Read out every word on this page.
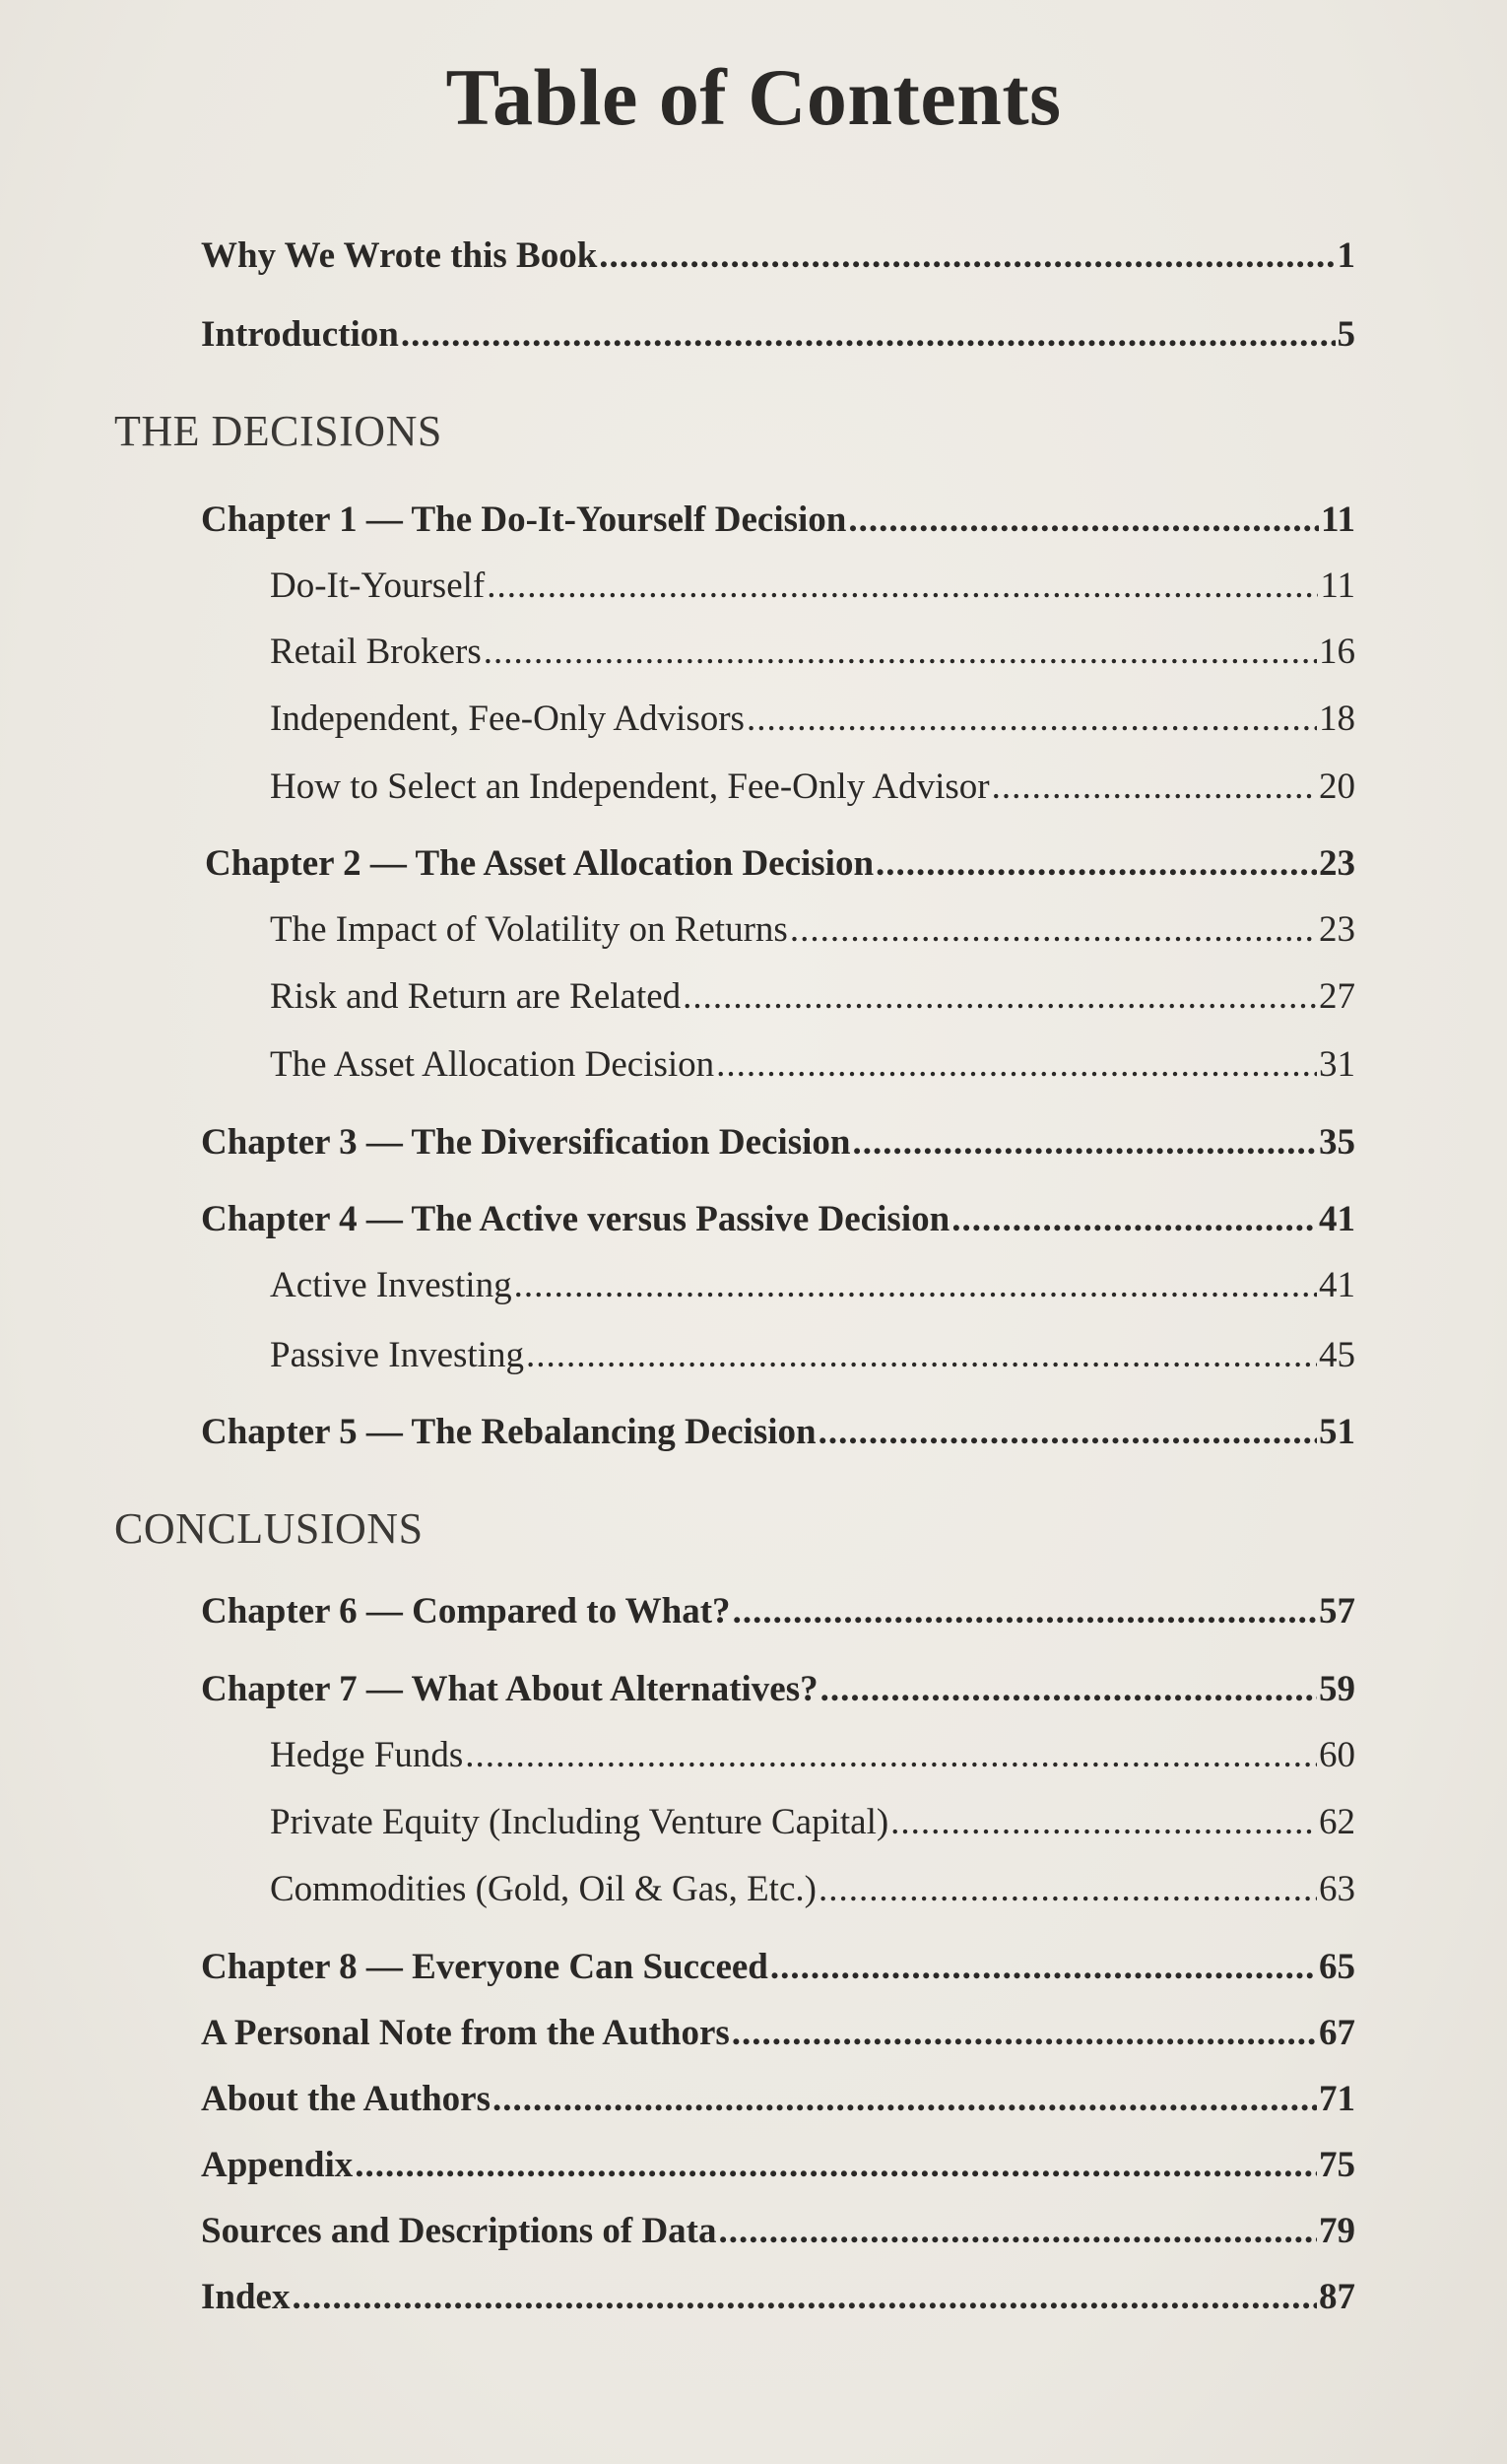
Table of Contents
Why We Wrote this Book .....	1
Introduction .....	5
THE DECISIONS
Chapter 1 — The Do-It-Yourself Decision .....	11
Do-It-Yourself .....	11
Retail Brokers .....	16
Independent, Fee-Only Advisors .....	18
How to Select an Independent, Fee-Only Advisor .....	20
Chapter 2 — The Asset Allocation Decision .....	23
The Impact of Volatility on Returns .....	23
Risk and Return are Related .....	27
The Asset Allocation Decision .....	31
Chapter 3 — The Diversification Decision .....	35
Chapter 4 — The Active versus Passive Decision .....	41
Active Investing .....	41
Passive Investing .....	45
Chapter 5 — The Rebalancing Decision .....	51
CONCLUSIONS
Chapter 6 — Compared to What? .....	57
Chapter 7 — What About Alternatives? .....	59
Hedge Funds .....	60
Private Equity (Including Venture Capital) .....	62
Commodities (Gold, Oil & Gas, Etc.) .....	63
Chapter 8 — Everyone Can Succeed .....	65
A Personal Note from the Authors .....	67
About the Authors .....	71
Appendix .....	75
Sources and Descriptions of Data .....	79
Index .....	87
